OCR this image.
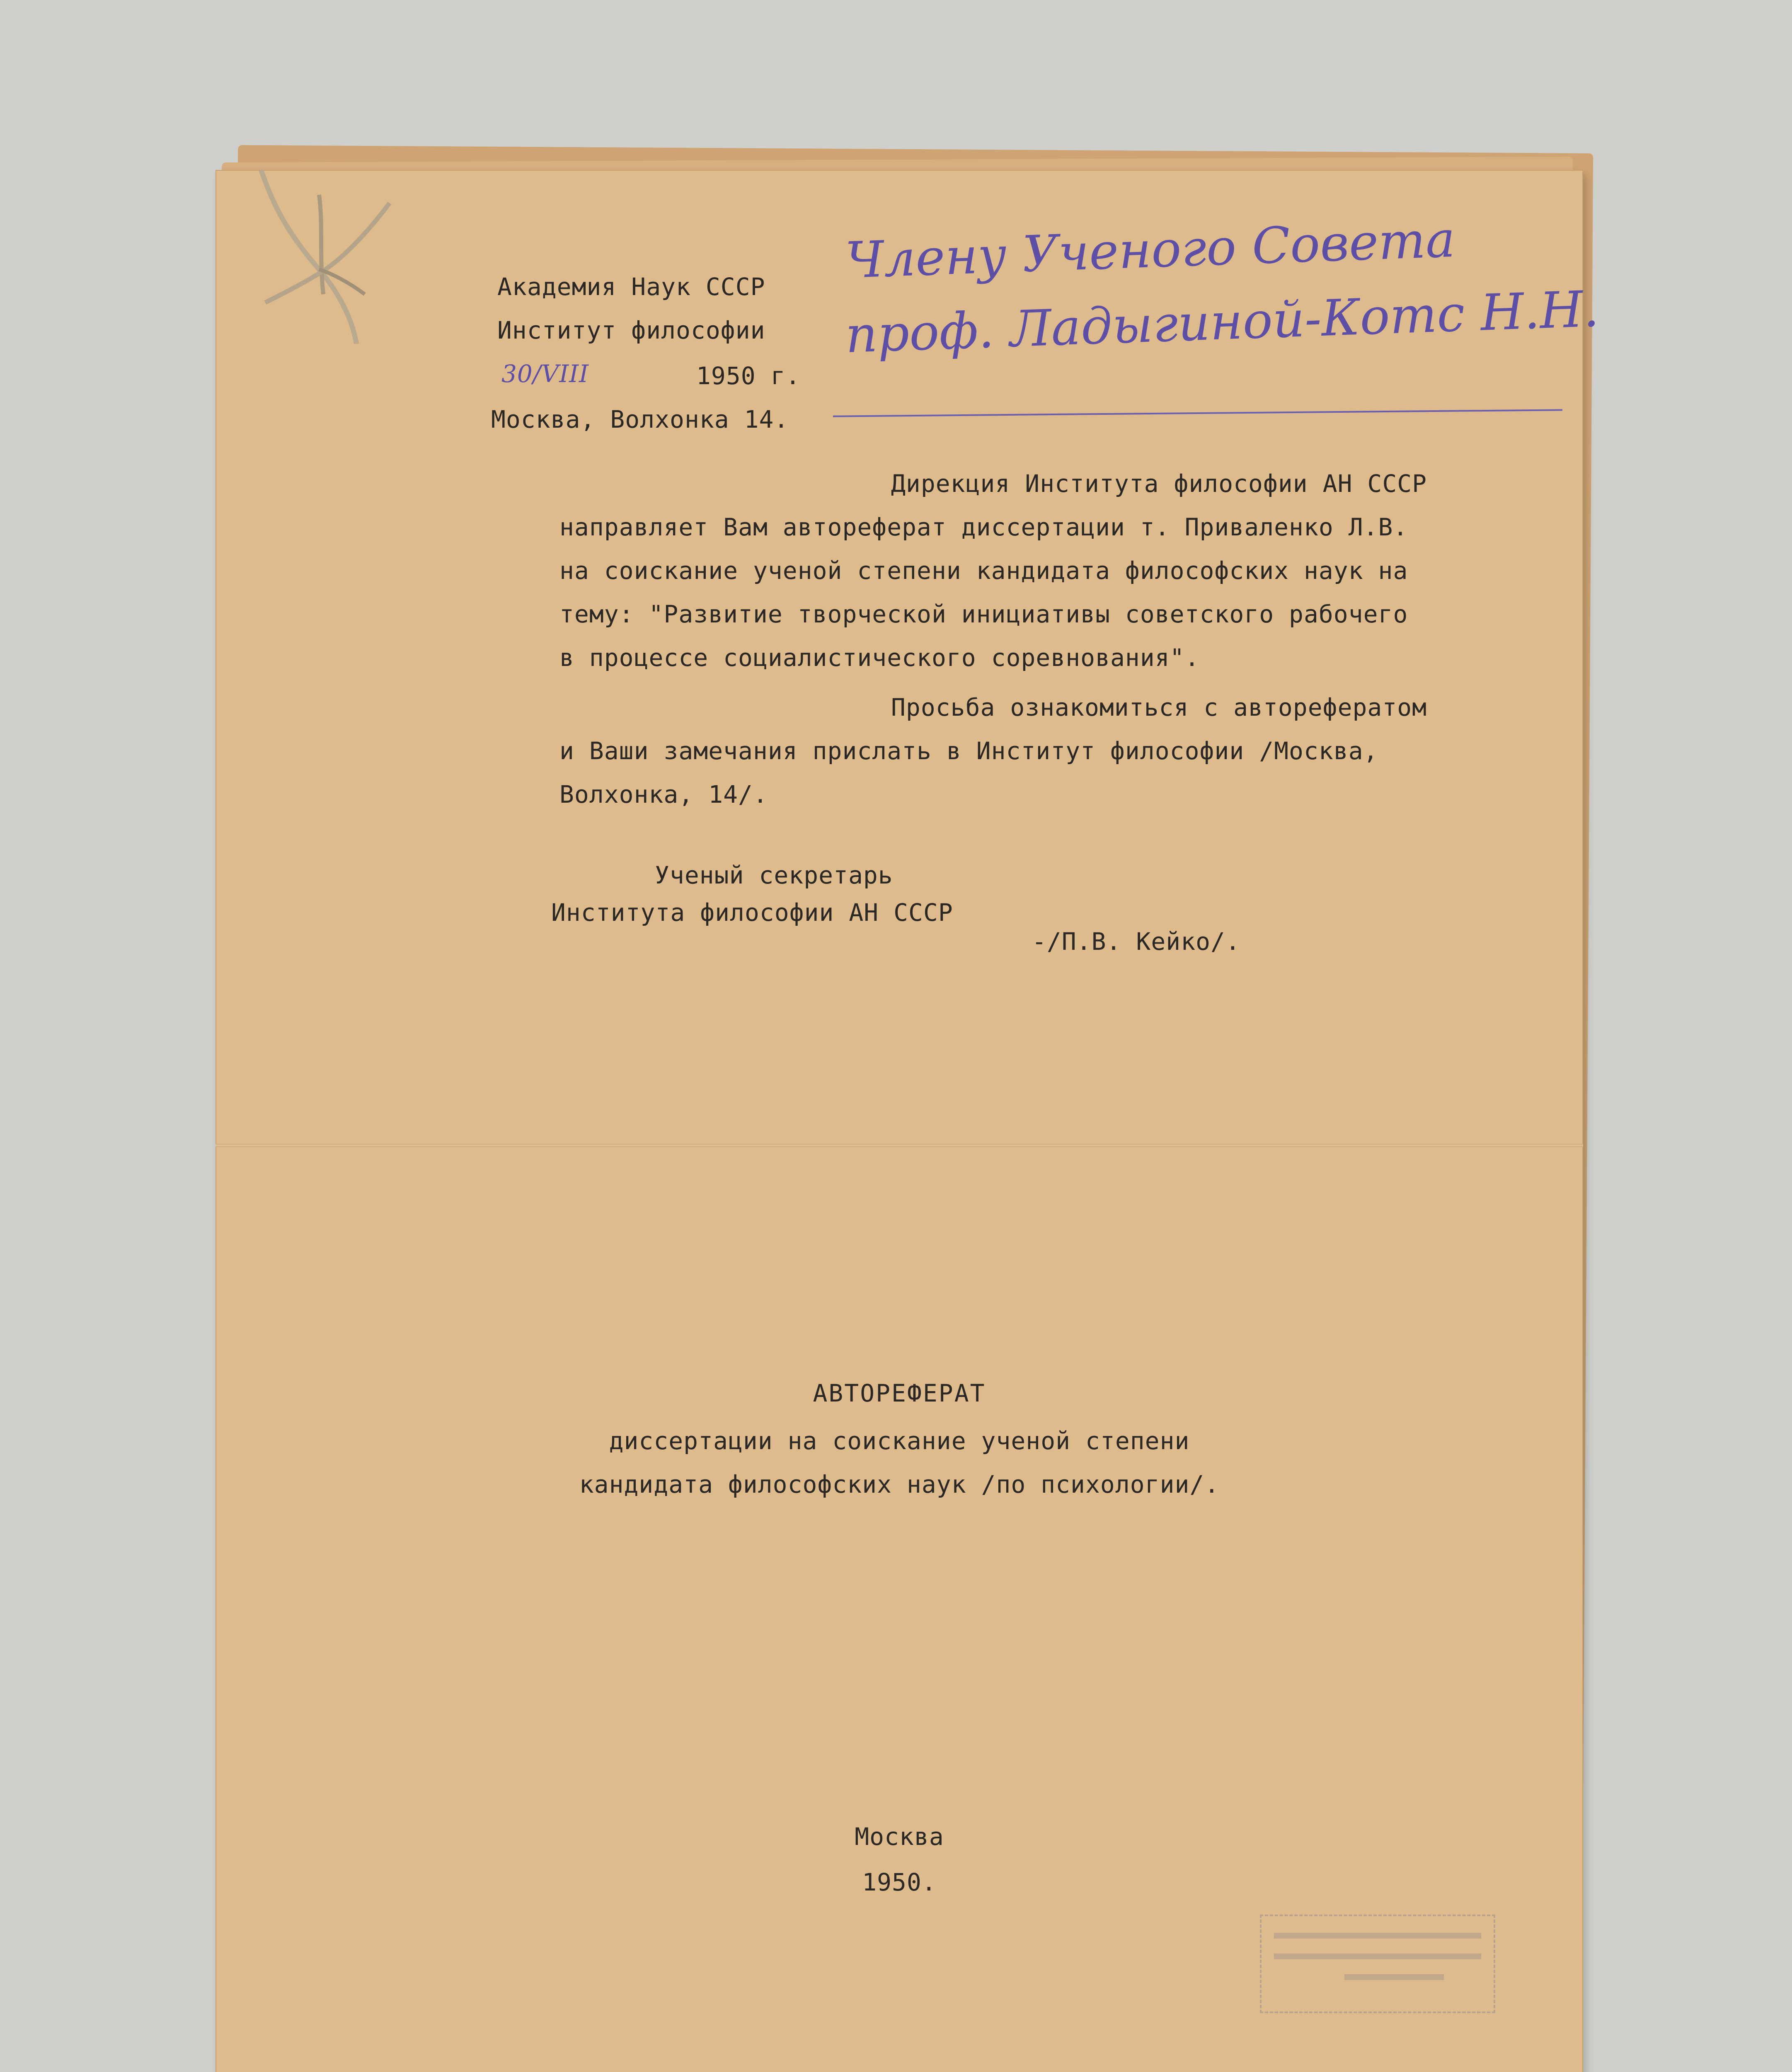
Академия Наук СССР
Институт философии
30/VIII	1950 г.
Москва, Волхонка 14.
Члену Ученого Совета
проф. Ладыгиной-Котс Н.Н.
Дирекция Института философии АН СССР
направляет Вам автореферат диссертации т. Приваленко Л.В.
на соискание ученой степени кандидата философских наук на
тему: "Развитие творческой инициативы советского рабочего
в процессе социалистического соревнования".
Просьба ознакомиться с авторефератом
и Ваши замечания прислать в Институт философии /Москва,
Волхонка, 14/.
Ученый секретарь
Института философии АН СССР
-/П.В. Кейко/.
АВТОРЕФЕРАТ
диссертации на соискание ученой степени
кандидата философских наук /по психологии/.
Москва
1950.
